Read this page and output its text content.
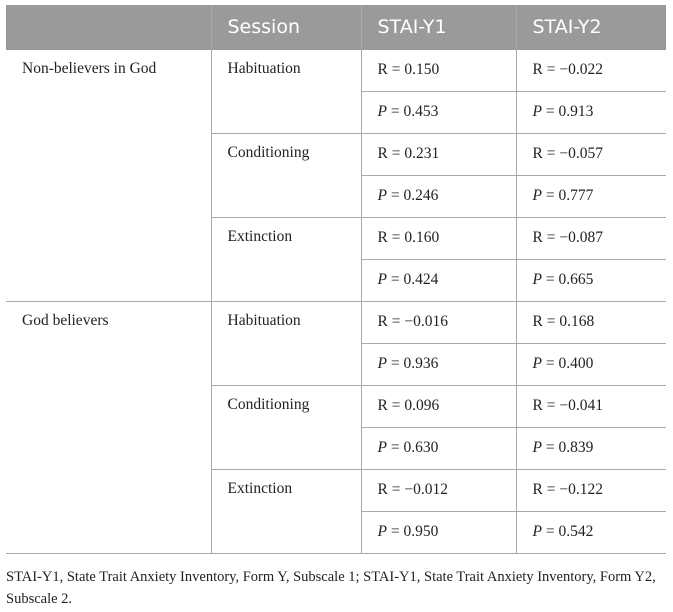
	Session	STAI-Y1	STAI-Y2
Non-believers in God	Habituation	R = 0.150	R = −0.022
		P = 0.453	P = 0.913
	Conditioning	R = 0.231	R = −0.057
		P = 0.246	P = 0.777
	Extinction	R = 0.160	R = −0.087
		P = 0.424	P = 0.665
God believers	Habituation	R = −0.016	R = 0.168
		P = 0.936	P = 0.400
	Conditioning	R = 0.096	R = −0.041
		P = 0.630	P = 0.839
	Extinction	R = −0.012	R = −0.122
		P = 0.950	P = 0.542
STAI-Y1, State Trait Anxiety Inventory, Form Y, Subscale 1; STAI-Y1, State Trait Anxiety Inventory, Form Y2, Subscale 2.
